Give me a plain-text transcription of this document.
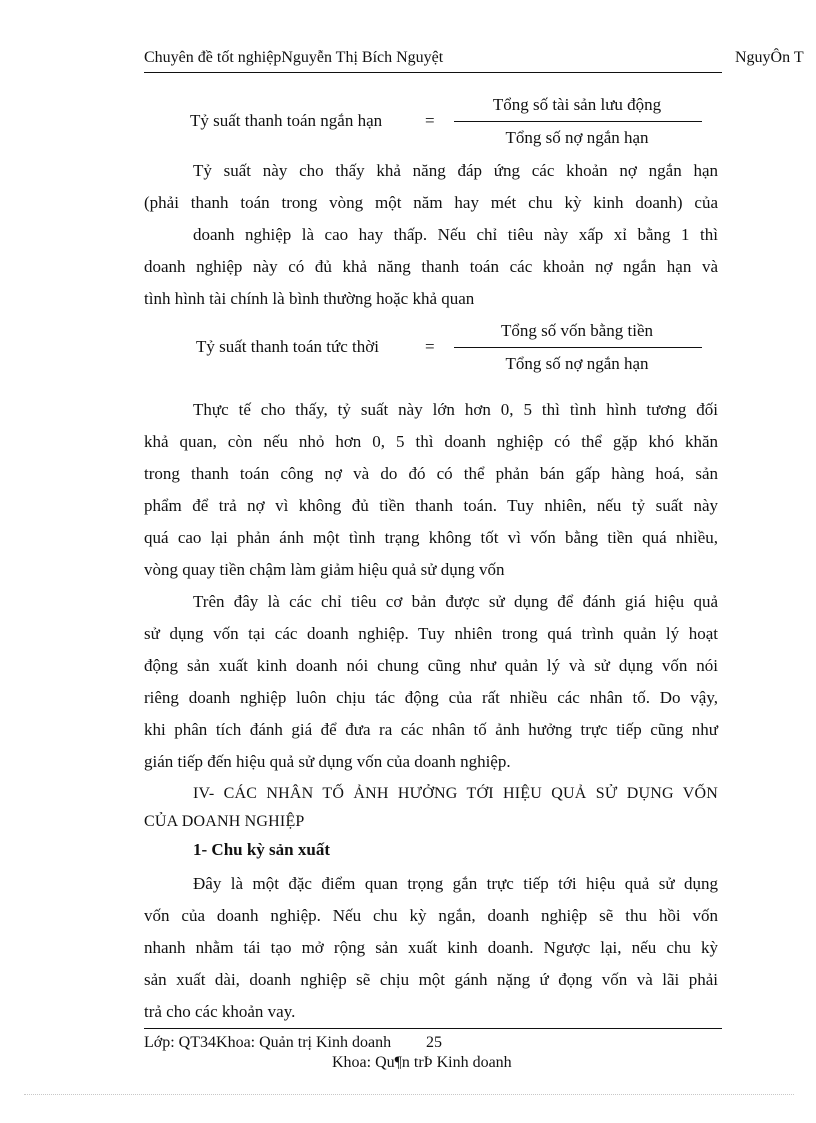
Chuyên đề tốt nghiệpNguyễn Thị Bích Nguyệt	NguyÔn T
Tỷ suất thanh toán ngắn hạn	=
Tổng số tài sản lưu động
Tổng số nợ ngắn hạn
Tỷ suất này cho thấy khả năng đáp ứng các khoản nợ ngắn hạn
(phải thanh toán trong vòng một năm hay mét chu kỳ kinh doanh) của
doanh nghiệp là cao hay thấp. Nếu chỉ tiêu này xấp xỉ bằng 1 thì
doanh nghiệp này có đủ khả năng thanh toán các khoản nợ ngắn hạn và
tình hình tài chính là bình thường hoặc khả quan
Tỷ suất thanh toán tức thời	=
Tổng số vốn bằng tiền
Tổng số nợ ngắn hạn
Thực tế cho thấy, tỷ suất này lớn hơn 0, 5 thì tình hình tương đối
khả quan, còn nếu nhỏ hơn 0, 5 thì doanh nghiệp có thể gặp khó khăn
trong thanh toán công nợ và do đó có thể phản bán gấp hàng hoá, sản
phẩm để trả nợ vì không đủ tiền thanh toán. Tuy nhiên, nếu tỷ suất này
quá cao lại phản ánh một tình trạng không tốt vì vốn bằng tiền quá nhiều,
vòng quay tiền chậm làm giảm hiệu quả sử dụng vốn
Trên đây là các chỉ tiêu cơ bản được sử dụng để đánh giá hiệu quả
sử dụng vốn tại các doanh nghiệp. Tuy nhiên trong quá trình quản lý hoạt
động sản xuất kinh doanh nói chung cũng như quản lý và sử dụng vốn nói
riêng doanh nghiệp luôn chịu tác động của rất nhiều các nhân tố. Do vậy,
khi phân tích đánh giá để đưa ra các nhân tố ảnh hưởng trực tiếp cũng như
gián tiếp đến hiệu quả sử dụng vốn của doanh nghiệp.
IV- CÁC NHÂN TỐ ẢNH HƯỞNG TỚI HIỆU QUẢ SỬ DỤNG VỐN
CỦA DOANH NGHIỆP
1- Chu kỳ sản xuất
Đây là một đặc điểm quan trọng gắn trực tiếp tới hiệu quả sử dụng
vốn của doanh nghiệp. Nếu chu kỳ ngắn, doanh nghiệp sẽ thu hồi vốn
nhanh nhằm tái tạo mở rộng sản xuất kinh doanh. Ngược lại, nếu chu kỳ
sản xuất dài, doanh nghiệp sẽ chịu một gánh nặng ứ đọng vốn và lãi phải
trả cho các khoản vay.
Lớp: QT34Khoa: Quản trị Kinh doanh 25
Khoa: Qu¶n trÞ Kinh doanh
